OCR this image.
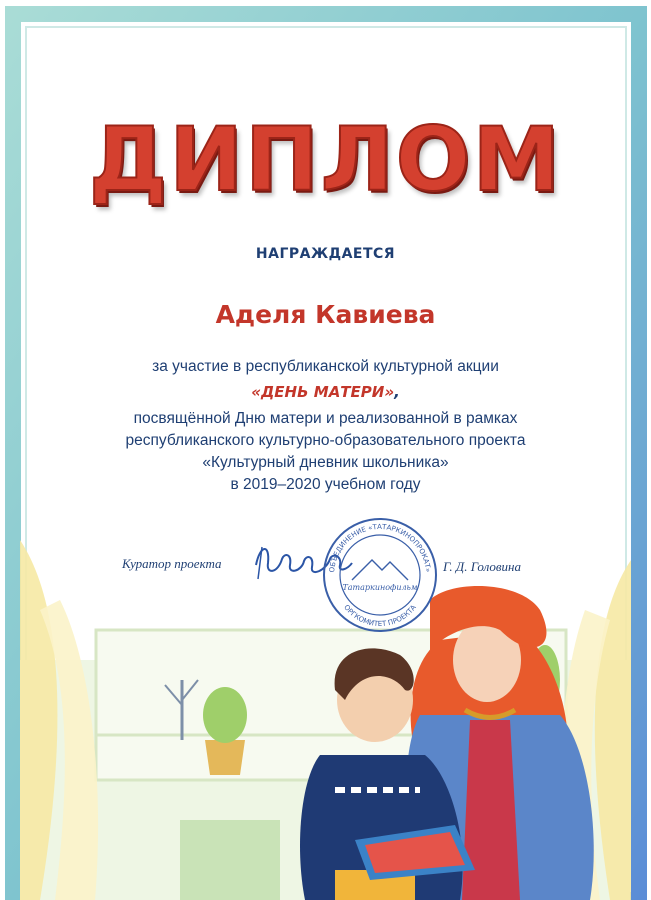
ДИПЛОМ
НАГРАЖДАЕТСЯ
Аделя Кавиева
за участие в республиканской культурной акции
«ДЕНЬ МАТЕРИ»,
посвящённой Дню матери и реализованной в рамках
республиканского культурно-образовательного проекта
«Культурный дневник школьника»
в 2019–2020 учебном году
Куратор проекта	ОБЪЕДИНЕНИЕ «ТАТАРКИНОПРОКАТ»
ОРГКОМИТЕТ ПРОЕКТА
Татаркинофильм
Г. Д. Головина
